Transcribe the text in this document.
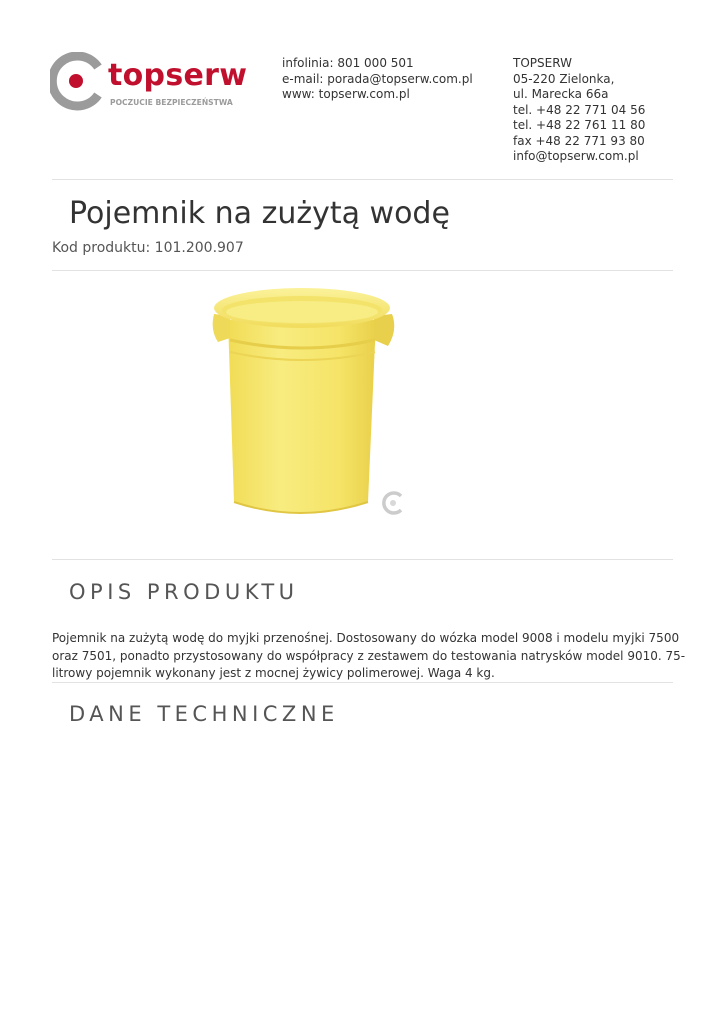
topserw
POCZUCIE BEZPIECZEŃSTWA
infolinia: 801 000 501
e-mail: porada@topserw.com.pl
www: topserw.com.pl
TOPSERW
05-220 Zielonka,
ul. Marecka 66a
tel. +48 22 771 04 56
tel. +48 22 761 11 80
fax +48 22 771 93 80
info@topserw.com.pl
Pojemnik na zużytą wodę
Kod produktu: 101.200.907
OPIS PRODUKTU

Pojemnik na zużytą wodę do myjki przenośnej. Dostosowany do wózka model 9008 i modelu myjki 7500
oraz 7501, ponadto przystosowany do współpracy z zestawem do testowania natrysków model 9010. 75-
litrowy pojemnik wykonany jest z mocnej żywicy polimerowej. Waga 4 kg.

DANE TECHNICZNE
